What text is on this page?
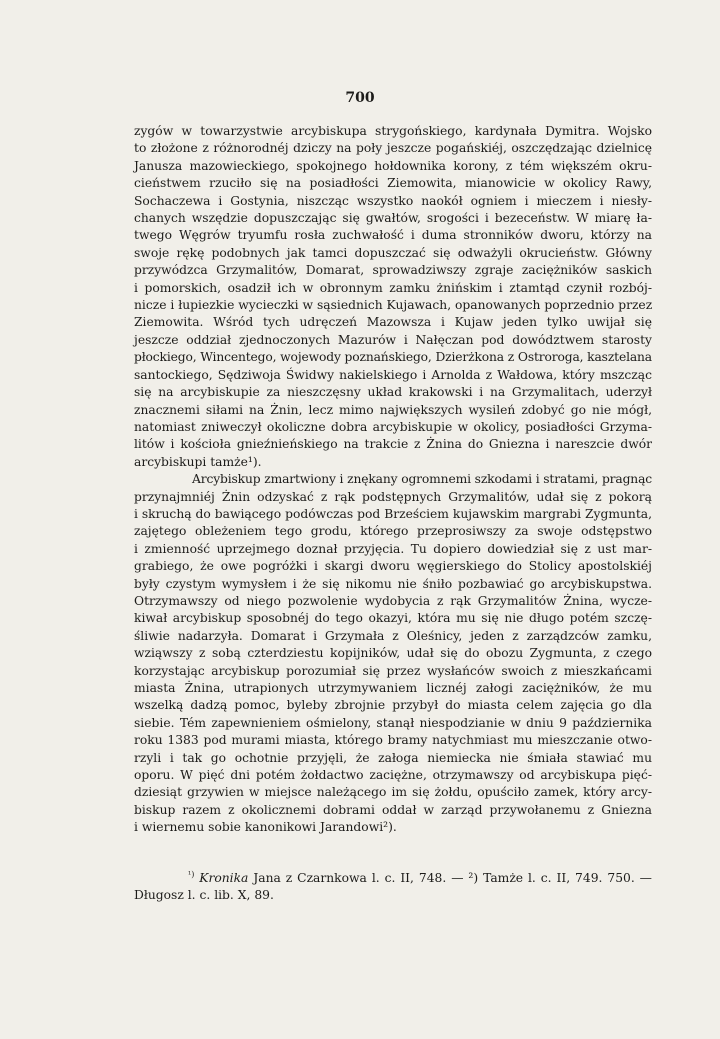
700
zygów w towarzystwie arcybiskupa strygońskiego, kardynała Dymitra. Wojsko
to złożone z różnorodnéj dziczy na poły jeszcze pogańskiéj, oszczędzając dzielnicę
Janusza mazowieckiego, spokojnego hołdownika korony, z tém większém okru-
cieństwem rzuciło się na posiadłości Ziemowita, mianowicie w okolicy Rawy,
Sochaczewa i Gostynia, niszcząc wszystko naokół ogniem i mieczem i niesły-
chanych wszędzie dopuszczając się gwałtów, srogości i bezeceństw. W miarę ła-
twego Węgrów tryumfu rosła zuchwałość i duma stronników dworu, którzy na
swoje rękę podobnych jak tamci dopuszczać się odważyli okrucieństw. Główny
przywódzca Grzymalitów, Domarat, sprowadziwszy zgraje zaciężników saskich
i pomorskich, osadził ich w obronnym zamku żnińskim i ztamtąd czynił rozbój-
nicze i łupiezkie wycieczki w sąsiednich Kujawach, opanowanych poprzednio przez
Ziemowita. Wśród tych udręczeń Mazowsza i Kujaw jeden tylko uwijał się
jeszcze oddział zjednoczonych Mazurów i Nałęczan pod dowództwem starosty
płockiego, Wincentego, wojewody poznańskiego, Dzierżkona z Ostroroga, kasztelana
santockiego, Sędziwoja Świdwy nakielskiego i Arnolda z Wałdowa, który mszcząc
się na arcybiskupie za nieszczęsny układ krakowski i na Grzymalitach, uderzył
znacznemi siłami na Żnin, lecz mimo największych wysileń zdobyć go nie mógł,
natomiast zniweczył okoliczne dobra arcybiskupie w okolicy, posiadłości Grzyma-
litów i kościoła gnieźnieńskiego na trakcie z Żnina do Gniezna i nareszcie dwór
arcybiskupi tamże¹).
Arcybiskup zmartwiony i znękany ogromnemi szkodami i stratami, pragnąc
przynajmniéj Żnin odzyskać z rąk podstępnych Grzymalitów, udał się z pokorą
i skruchą do bawiącego podówczas pod Brześciem kujawskim margrabi Zygmunta,
zajętego obleżeniem tego grodu, którego przeprosiwszy za swoje odstępstwo
i zmienność uprzejmego doznał przyjęcia. Tu dopiero dowiedział się z ust mar-
grabiego, że owe pogróżki i skargi dworu węgierskiego do Stolicy apostolskiéj
były czystym wymysłem i że się nikomu nie śniło pozbawiać go arcybiskupstwa.
Otrzymawszy od niego pozwolenie wydobycia z rąk Grzymalitów Żnina, wycze-
kiwał arcybiskup sposobnéj do tego okazyi, która mu się nie długo potém szczę-
śliwie nadarzyła. Domarat i Grzymała z Oleśnicy, jeden z zarządzców zamku,
wziąwszy z sobą czterdziestu kopijników, udał się do obozu Zygmunta, z czego
korzystając arcybiskup porozumiał się przez wysłańców swoich z mieszkańcami
miasta Żnina, utrapionych utrzymywaniem licznéj załogi zaciężników, że mu
wszelką dadzą pomoc, byleby zbrojnie przybył do miasta celem zajęcia go dla
siebie. Tém zapewnieniem ośmielony, stanął niespodzianie w dniu 9 października
roku 1383 pod murami miasta, którego bramy natychmiast mu mieszczanie otwo-
rzyli i tak go ochotnie przyjęli, że załoga niemiecka nie śmiała stawiać mu
oporu. W pięć dni potém żołdactwo zaciężne, otrzymawszy od arcybiskupa pięć-
dziesiąt grzywien w miejsce należącego im się żołdu, opuściło zamek, który arcy-
biskup razem z okolicznemi dobrami oddał w zarząd przywołanemu z Gniezna
i wiernemu sobie kanonikowi Jarandowi²).
$^{^1)}$ Kronika Jana z Czarnkowa l. c. II, 748. — ²) Tamże l. c. II, 749. 750. —
Długosz l. c. lib. X, 89.
